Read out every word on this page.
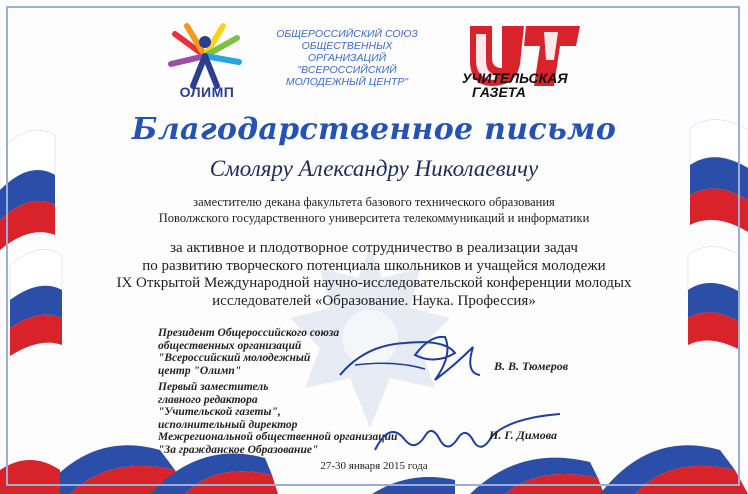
ОЛИМП
ОБЩЕРОССИЙСКИЙ СОЮЗ
ОБЩЕСТВЕННЫХ
ОРГАНИЗАЦИЙ
"ВСЕРОССИЙСКИЙ
МОЛОДЕЖНЫЙ ЦЕНТР"	УЧИТЕЛЬСКАЯ
ГАЗЕТА
Благодарственное письмо
Смоляру Александру Николаевичу
заместителю декана факультета базового технического образования
Поволжского государственного университета телекоммуникаций и информатики
за активное и плодотворное сотрудничество в реализации задач
по развитию творческого потенциала школьников и учащейся молодежи
IX Открытой Международной научно-исследовательской конференции молодых
исследователей «Образование. Наука. Профессия»
Президент Общероссийского союза
общественных организаций
"Всероссийский молодежный
центр "Олимп"	В. В. Тюмеров
Первый заместитель
главного редактора
"Учительской газеты",
исполнительный директор
Межрегиональной общественной организации
"За гражданское Образование"
И. Г. Димова
27-30 января 2015 года
